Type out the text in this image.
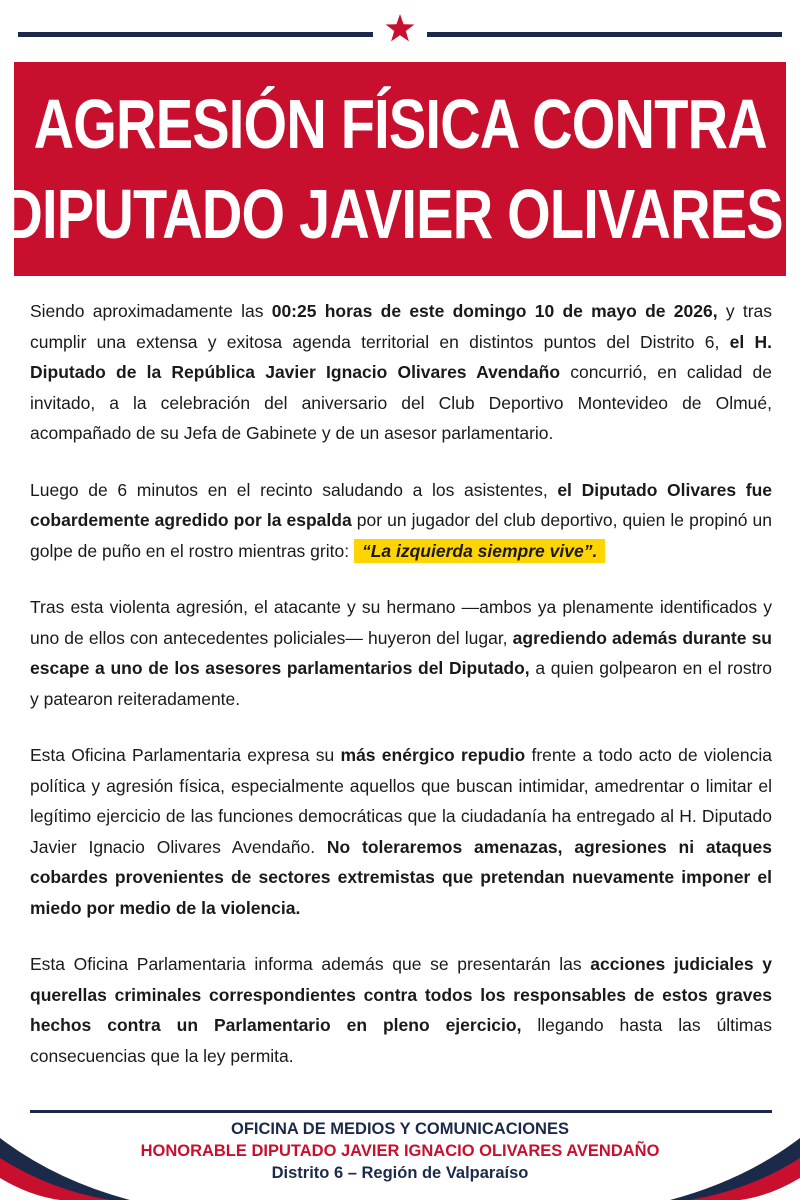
AGRESIÓN FÍSICA CONTRA
DIPUTADO JAVIER OLIVARES.

Siendo aproximadamente las 00:25 horas de este domingo 10 de mayo de 2026, y tras cumplir una extensa y exitosa agenda territorial en distintos puntos del Distrito 6, el H. Diputado de la República Javier Ignacio Olivares Avendaño concurrió, en calidad de invitado, a la celebración del aniversario del Club Deportivo Montevideo de Olmué, acompañado de su Jefa de Gabinete y de un asesor parlamentario.

Luego de 6 minutos en el recinto saludando a los asistentes, el Diputado Olivares fue cobardemente agredido por la espalda por un jugador del club deportivo, quien le propinó un golpe de puño en el rostro mientras grito: “La izquierda siempre vive”.

Tras esta violenta agresión, el atacante y su hermano —ambos ya plenamente identificados y uno de ellos con antecedentes policiales— huyeron del lugar, agrediendo además durante su escape a uno de los asesores parlamentarios del Diputado, a quien golpearon en el rostro y patearon reiteradamente.

Esta Oficina Parlamentaria expresa su más enérgico repudio frente a todo acto de violencia política y agresión física, especialmente aquellos que buscan intimidar, amedrentar o limitar el legítimo ejercicio de las funciones democráticas que la ciudadanía ha entregado al H. Diputado Javier Ignacio Olivares Avendaño. No toleraremos amenazas, agresiones ni ataques cobardes provenientes de sectores extremistas que pretendan nuevamente imponer el miedo por medio de la violencia.

Esta Oficina Parlamentaria informa además que se presentarán las acciones judiciales y querellas criminales correspondientes contra todos los responsables de estos graves hechos contra un Parlamentario en pleno ejercicio, llegando hasta las últimas consecuencias que la ley permita.

OFICINA DE MEDIOS Y COMUNICACIONES
HONORABLE DIPUTADO JAVIER IGNACIO OLIVARES AVENDAÑO
Distrito 6 – Región de Valparaíso
